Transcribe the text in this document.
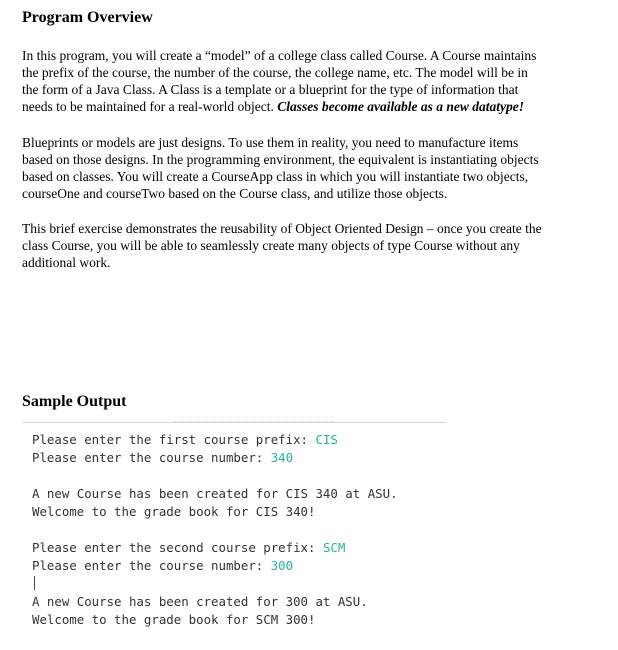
Program Overview

In this program, you will create a “model” of a college class called Course. A Course maintains
the prefix of the course, the number of the course, the college name, etc. The model will be in
the form of a Java Class. A Class is a template or a blueprint for the type of information that
needs to be maintained for a real-world object. Classes become available as a new datatype!

Blueprints or models are just designs. To use them in reality, you need to manufacture items
based on those designs. In the programming environment, the equivalent is instantiating objects
based on classes. You will create a CourseApp class in which you will instantiate two objects,
courseOne and courseTwo based on the Course class, and utilize those objects.

This brief exercise demonstrates the reusability of Object Oriented Design – once you create the
class Course, you will be able to seamlessly create many objects of type Course without any
additional work.

Sample Output
Please enter the first course prefix: CIS
Please enter the course number: 340
A new Course has been created for CIS 340 at ASU.
Welcome to the grade book for CIS 340!
Please enter the second course prefix: SCM
Please enter the course number: 300
A new Course has been created for 300 at ASU.
Welcome to the grade book for SCM 300!
